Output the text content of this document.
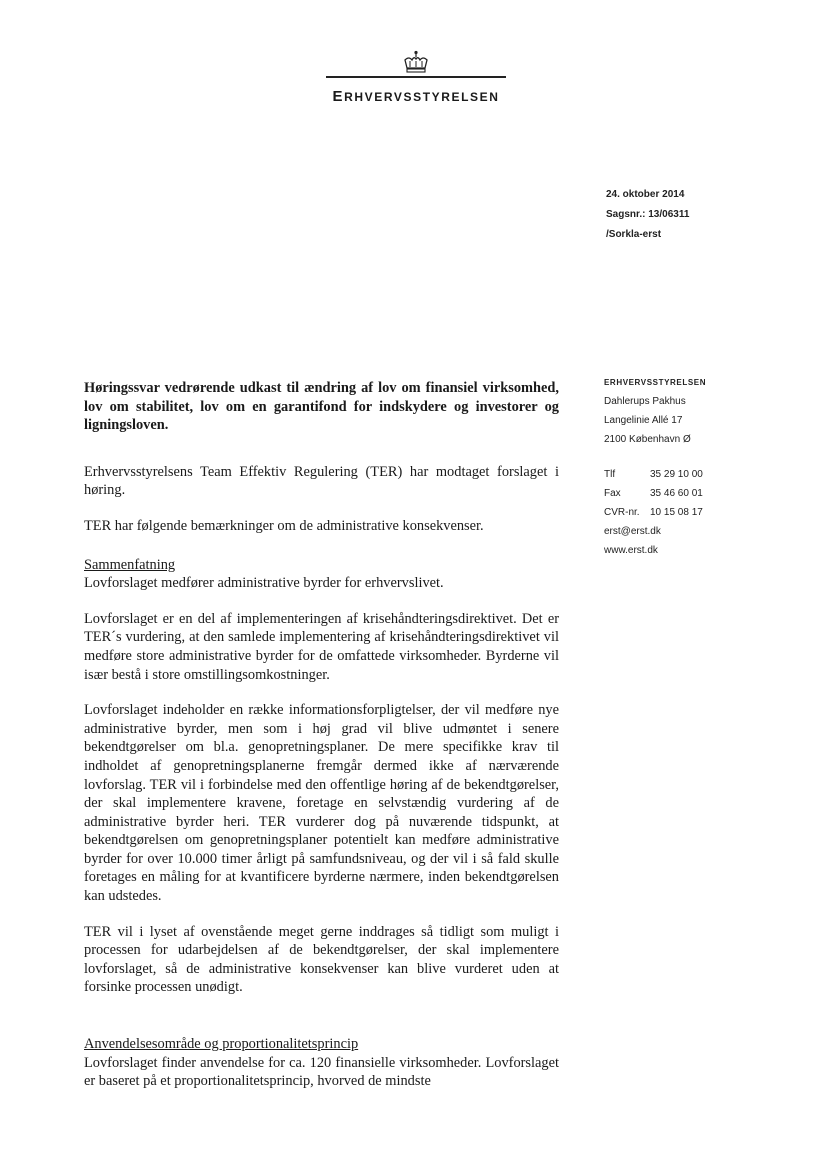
ERHVERVSSTYRELSEN
24. oktober 2014
Sagsnr.: 13/06311
/Sorkla-erst
ERHVERVSSTYRELSEN
Dahlerups Pakhus
Langelinie Allé 17
2100 København Ø
Tlf	35 29 10 00
Fax	35 46 60 01
CVR-nr.	10 15 08 17
erst@erst.dk
www.erst.dk
Høringssvar vedrørende udkast til ændring af lov om finansiel virksomhed, lov om stabilitet, lov om en garantifond for indskydere og investorer og ligningsloven.

Erhvervsstyrelsens Team Effektiv Regulering (TER) har modtaget forslaget i høring.

TER har følgende bemærkninger om de administrative konsekvenser.

Sammenfatning

Lovforslaget medfører administrative byrder for erhvervslivet.

Lovforslaget er en del af implementeringen af krisehåndteringsdirektivet. Det er TER´s vurdering, at den samlede implementering af krisehåndteringsdirektivet vil medføre store administrative byrder for de omfattede virksomheder. Byrderne vil især bestå i store omstillingsomkostninger.

Lovforslaget indeholder en række informationsforpligtelser, der vil medføre nye administrative byrder, men som i høj grad vil blive udmøntet i senere bekendtgørelser om bl.a. genopretningsplaner. De mere specifikke krav til indholdet af genopretningsplanerne fremgår dermed ikke af nærværende lovforslag. TER vil i forbindelse med den offentlige høring af de bekendtgørelser, der skal implementere kravene, foretage en selvstændig vurdering af de administrative byrder heri. TER vurderer dog på nuværende tidspunkt, at bekendtgørelsen om genopretningsplaner potentielt kan medføre administrative byrder for over 10.000 timer årligt på samfundsniveau, og der vil i så fald skulle foretages en måling for at kvantificere byrderne nærmere, inden bekendtgørelsen kan udstedes.

TER vil i lyset af ovenstående meget gerne inddrages så tidligt som muligt i processen for udarbejdelsen af de bekendtgørelser, der skal implementere lovforslaget, så de administrative konsekvenser kan blive vurderet uden at forsinke processen unødigt.

Anvendelsesområde og proportionalitetsprincip

Lovforslaget finder anvendelse for ca. 120 finansielle virksomheder. Lovforslaget er baseret på et proportionalitetsprincip, hvorved de mindste
